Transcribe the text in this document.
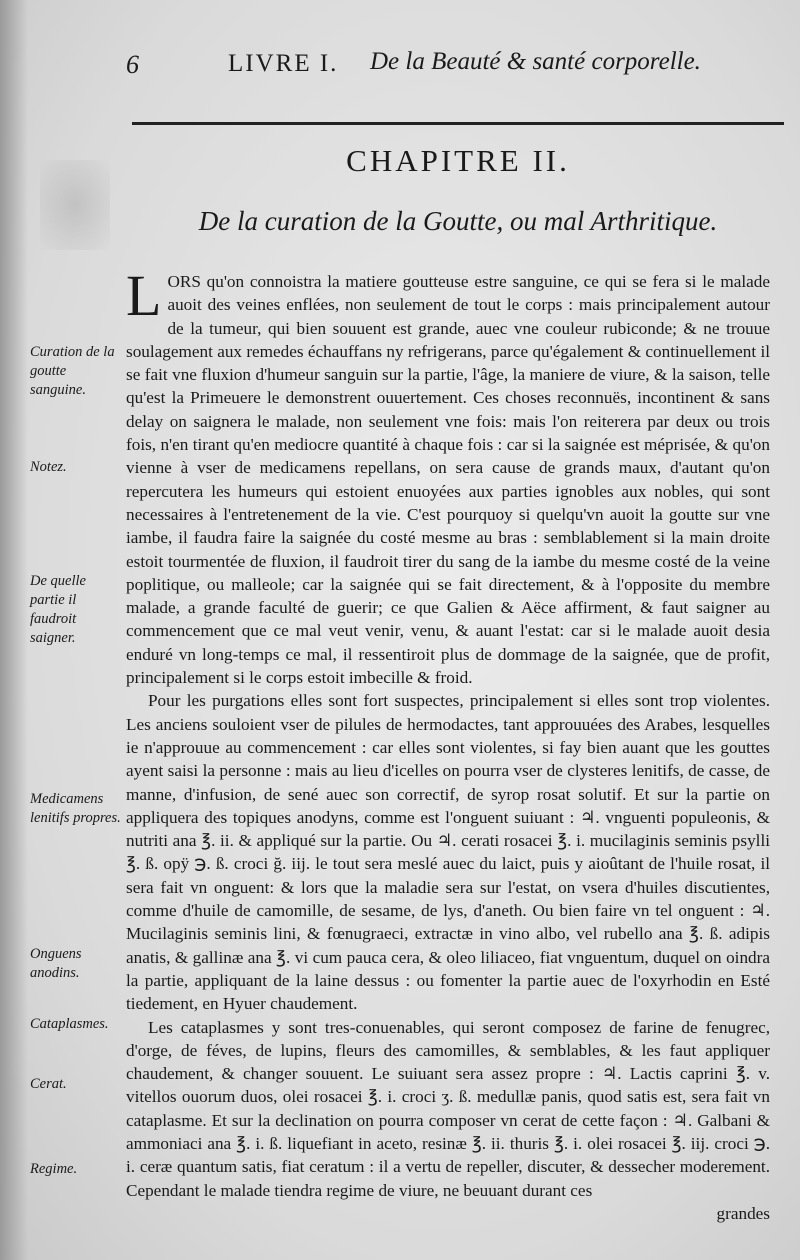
6	LIVRE I. De la Beauté & santé corporelle.
CHAPITRE II.
De la curation de la Goutte, ou mal Arthritique.
Curation de la goutte sanguine.
Notez.
De quelle partie il faudroit saigner.
Medicamens lenitifs propres.
Onguens anodins.
Cataplasmes.
Cerat.
Regime.

LORS qu'on connoistra la matiere goutteuse estre sanguine, ce qui se fera si le malade auoit des veines enflées, non seulement de tout le corps : mais principalement autour de la tumeur, qui bien souuent est grande, auec vne couleur rubiconde; & ne trouue soulagement aux remedes échauffans ny refrigerans, parce qu'également & continuellement il se fait vne fluxion d'humeur sanguin sur la partie, l'âge, la maniere de viure, & la saison, telle qu'est la Primeuere le demonstrent ouuertement. Ces choses reconnuës, incontinent & sans delay on saignera le malade, non seulement vne fois: mais l'on reiterera par deux ou trois fois, n'en tirant qu'en mediocre quantité à chaque fois : car si la saignée est méprisée, & qu'on vienne à vser de medicamens repellans, on sera cause de grands maux, d'autant qu'on repercutera les humeurs qui estoient enuoyées aux parties ignobles aux nobles, qui sont necessaires à l'entretenement de la vie. C'est pourquoy si quelqu'vn auoit la goutte sur vne iambe, il faudra faire la saignée du costé mesme au bras : semblablement si la main droite estoit tourmentée de fluxion, il faudroit tirer du sang de la iambe du mesme costé de la veine poplitique, ou malleole; car la saignée qui se fait directement, & à l'opposite du membre malade, a grande faculté de guerir; ce que Galien & Aëce affirment, & faut saigner au commencement que ce mal veut venir, venu, & auant l'estat: car si le malade auoit desia enduré vn long-temps ce mal, il ressentiroit plus de dommage de la saignée, que de profit, principalement si le corps estoit imbecille & froid.

Pour les purgations elles sont fort suspectes, principalement si elles sont trop violentes. Les anciens souloient vser de pilules de hermodactes, tant approuuées des Arabes, lesquelles ie n'approuue au commencement : car elles sont violentes, si fay bien auant que les gouttes ayent saisi la personne : mais au lieu d'icelles on pourra vser de clysteres lenitifs, de casse, de manne, d'infusion, de sené auec son correctif, de syrop rosat solutif. Et sur la partie on appliquera des topiques anodyns, comme est l'onguent suiuant : ♃. vnguenti populeonis, & nutriti ana ℥. ii. & appliqué sur la partie. Ou ♃. cerati rosacei ℥. i. mucilaginis seminis psylli ℥. ß. opÿ ℈. ß. croci ğ. iij. le tout sera meslé auec du laict, puis y aioûtant de l'huile rosat, il sera fait vn onguent: & lors que la maladie sera sur l'estat, on vsera d'huiles discutientes, comme d'huile de camomille, de sesame, de lys, d'aneth. Ou bien faire vn tel onguent : ♃. Mucilaginis seminis lini, & fœnugraeci, extractæ in vino albo, vel rubello ana ℥. ß. adipis anatis, & gallinæ ana ℥. vi cum pauca cera, & oleo liliaceo, fiat vnguentum, duquel on oindra la partie, appliquant de la laine dessus : ou fomenter la partie auec de l'oxyrhodin en Esté tiedement, en Hyuer chaudement.

Les cataplasmes y sont tres-conuenables, qui seront composez de farine de fenugrec, d'orge, de féves, de lupins, fleurs des camomilles, & semblables, & les faut appliquer chaudement, & changer souuent. Le suiuant sera assez propre : ♃. Lactis caprini ℥. v. vitellos ouorum duos, olei rosacei ℥. i. croci ʒ. ß. medullæ panis, quod satis est, sera fait vn cataplasme. Et sur la declination on pourra composer vn cerat de cette façon : ♃. Galbani & ammoniaci ana ℥. i. ß. liquefiant in aceto, resinæ ℥. ii. thuris ℥. i. olei rosacei ℥. iij. croci ℈. i. ceræ quantum satis, fiat ceratum : il a vertu de repeller, discuter, & dessecher moderement. Cependant le malade tiendra regime de viure, ne beuuant durant ces

grandes
